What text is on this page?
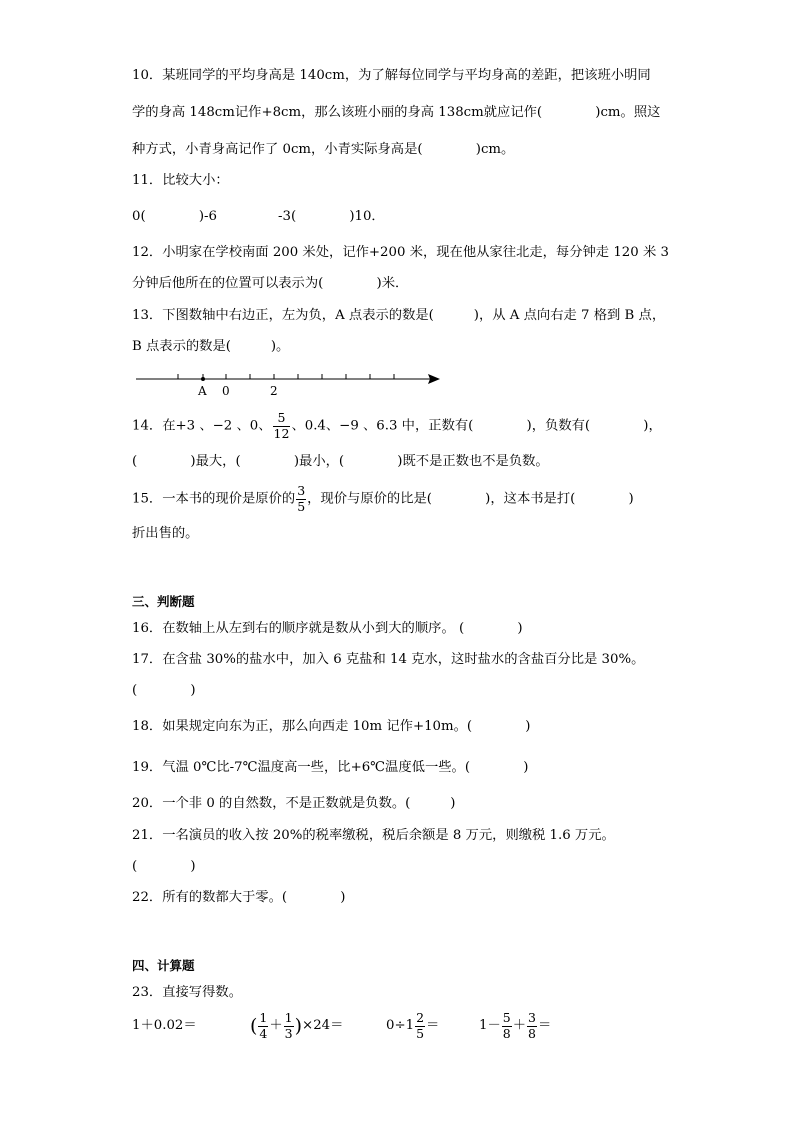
10．某班同学的平均身高是 140cm，为了解每位同学与平均身高的差距，把该班小明同
学的身高 148cm记作+8cm，那么该班小丽的身高 138cm就应记作(　　　　)cm。照这
种方式，小青身高记作了 0cm，小青实际身高是(　　　　)cm。
11．比较大小：
0(　　　　)-6	-3(　　　　)10．
12．小明家在学校南面 200 米处，记作+200 米，现在他从家往北走，每分钟走 120 米 3
分钟后他所在的位置可以表示为(　　　　)米．
13．下图数轴中右边正，左为负，A 点表示的数是(　　　)，从 A 点向右走 7 格到 B 点，
B 点表示的数是(　　　)。
A 0	2
14．在+3 、−2 、0、 $\frac{5}{12}$ 、0.4、−9 、6.3 中，正数有(　　　　)，负数有(　　　　)，
(　　　　)最大，(　　　　)最小，(　　　　)既不是正数也不是负数。
15．一本书的现价是原价的 $\frac{3}{5}$ ，现价与原价的比是(　　　　)，这本书是打(　　　　)
折出售的。
三、判断题
16．在数轴上从左到右的顺序就是数从小到大的顺序。 (　　　　)
17．在含盐 30%的盐水中，加入 6 克盐和 14 克水，这时盐水的含盐百分比是 30%。
(　　　　)
18．如果规定向东为正，那么向西走 10m 记作+10m。(　　　　)
19．气温 0℃比-7℃温度高一些，比+6℃温度低一些。(　　　　)
20．一个非 0 的自然数，不是正数就是负数。(　　　)
21．一名演员的收入按 20%的税率缴税，税后余额是 8 万元，则缴税 1.6 万元。
(　　　　)
22．所有的数都大于零。(　　　　)
四、计算题
23．直接写得数。
1＋0.02＝	( $\frac{1}{4} + \frac{1}{3} )\times 24=$	$0\div 1 \frac{2}{5}$ ＝	$1- \frac{5}{8} + \frac{3}{8}$ ＝
